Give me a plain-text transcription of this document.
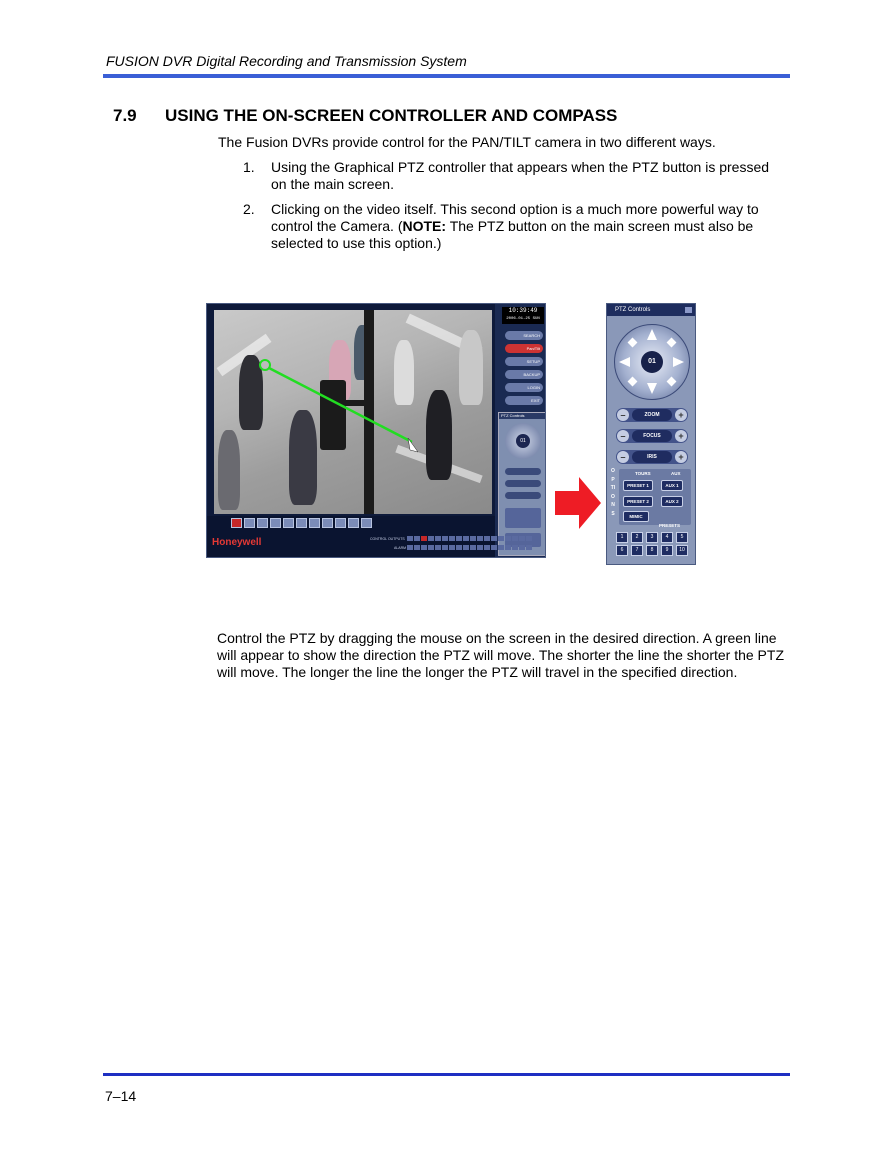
FUSION DVR Digital Recording and Transmission System
7.9 USING THE ON-SCREEN CONTROLLER AND COMPASS
The Fusion DVRs provide control for the PAN/TILT camera in two different ways.
1.	Using the Graphical PTZ controller that appears when the PTZ button is pressed on the main screen.
2.	Clicking on the video itself. This second option is a much more powerful way to control the Camera. (NOTE: The PTZ button on the main screen must also be selected to use this option.)
10:39:49
2006-01-25 SUN
SEARCH
Pan/Tilt
SETUP
BACKUP
LOGIN
EXIT
PTZ Controls
01
Honeywell	CONTROL OUTPUTS
ALARM
PTZ Controls
01
–	ZOOM	+
–	FOCUS	+
–	IRIS	+
OPTIONS
TOURS	AUX
PRESET 1	AUX 1
PRESET 2	AUX 2
MIMIC
PRESETS
1	2	3	4	5
6	7	8	9	10
Control the PTZ by dragging the mouse on the screen in the desired direction. A green line will appear to show the direction the PTZ will move. The shorter the line the shorter the PTZ will move. The longer the line the longer the PTZ will travel in the specified direction.
7–14
